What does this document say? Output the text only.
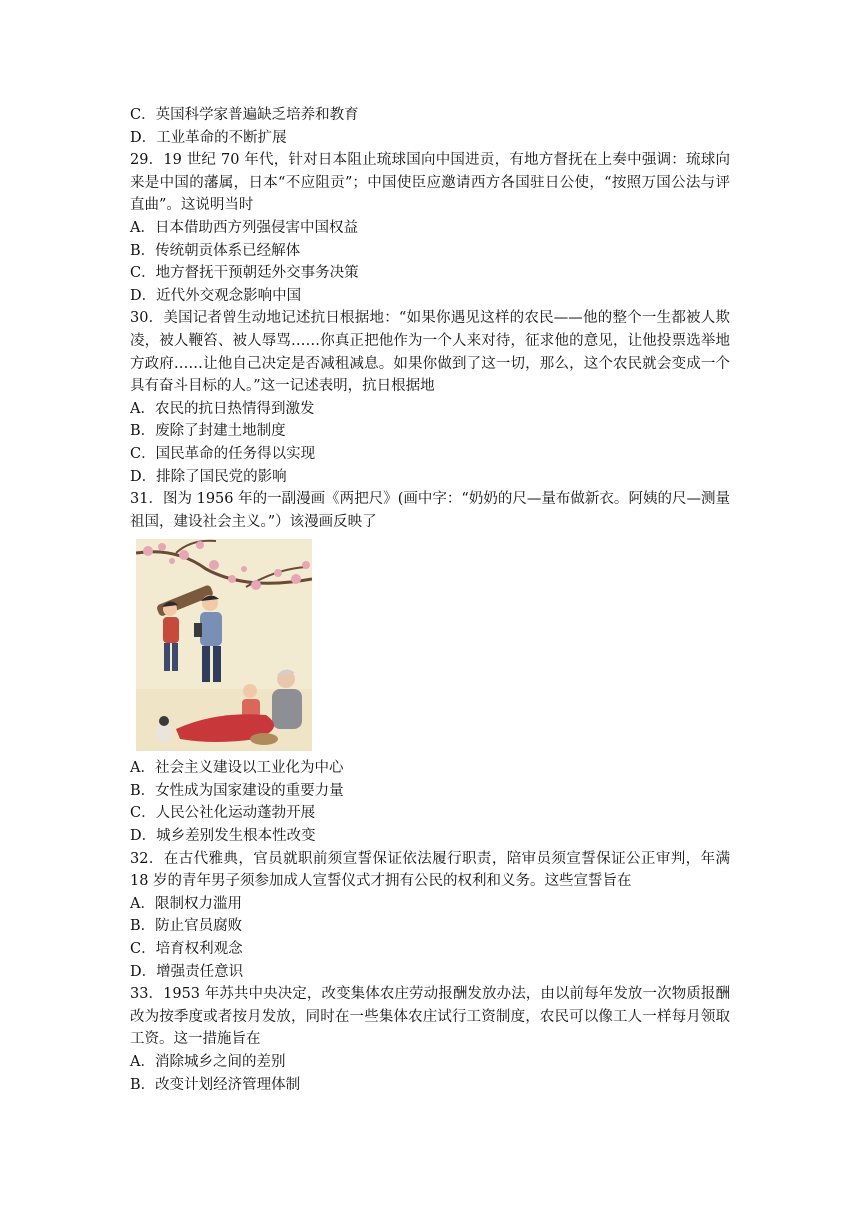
C．英国科学家普遍缺乏培养和教育
D．工业革命的不断扩展
29．19 世纪 70 年代，针对日本阻止琉球国向中国进贡，有地方督抚在上奏中强调：琉球向来是中国的藩属，日本“不应阻贡”；中国使臣应邀请西方各国驻日公使，“按照万国公法与评直曲”。这说明当时
A．日本借助西方列强侵害中国权益
B．传统朝贡体系已经解体
C．地方督抚干预朝廷外交事务决策
D．近代外交观念影响中国
30．美国记者曾生动地记述抗日根据地：“如果你遇见这样的农民——他的整个一生都被人欺凌，被人鞭笞、被人辱骂……你真正把他作为一个人来对待，征求他的意见，让他投票选举地方政府……让他自己决定是否减租减息。如果你做到了这一切，那么，这个农民就会变成一个具有奋斗目标的人。”这一记述表明，抗日根据地
A．农民的抗日热情得到激发
B．废除了封建土地制度
C．国民革命的任务得以实现
D．排除了国民党的影响
31．图为 1956 年的一副漫画《两把尺》(画中字：“奶奶的尺—量布做新衣。阿姨的尺—测量祖国，建设社会主义。”）该漫画反映了
A．社会主义建设以工业化为中心
B．女性成为国家建设的重要力量
C．人民公社化运动蓬勃开展
D．城乡差别发生根本性改变
32．在古代雅典，官员就职前须宣誓保证依法履行职责，陪审员须宣誓保证公正审判，年满18 岁的青年男子须参加成人宣誓仪式才拥有公民的权利和义务。这些宣誓旨在
A．限制权力滥用
B．防止官员腐败
C．培育权利观念
D．增强责任意识
33．1953 年苏共中央决定，改变集体农庄劳动报酬发放办法，由以前每年发放一次物质报酬改为按季度或者按月发放，同时在一些集体农庄试行工资制度，农民可以像工人一样每月领取工资。这一措施旨在
A．消除城乡之间的差别
B．改变计划经济管理体制
